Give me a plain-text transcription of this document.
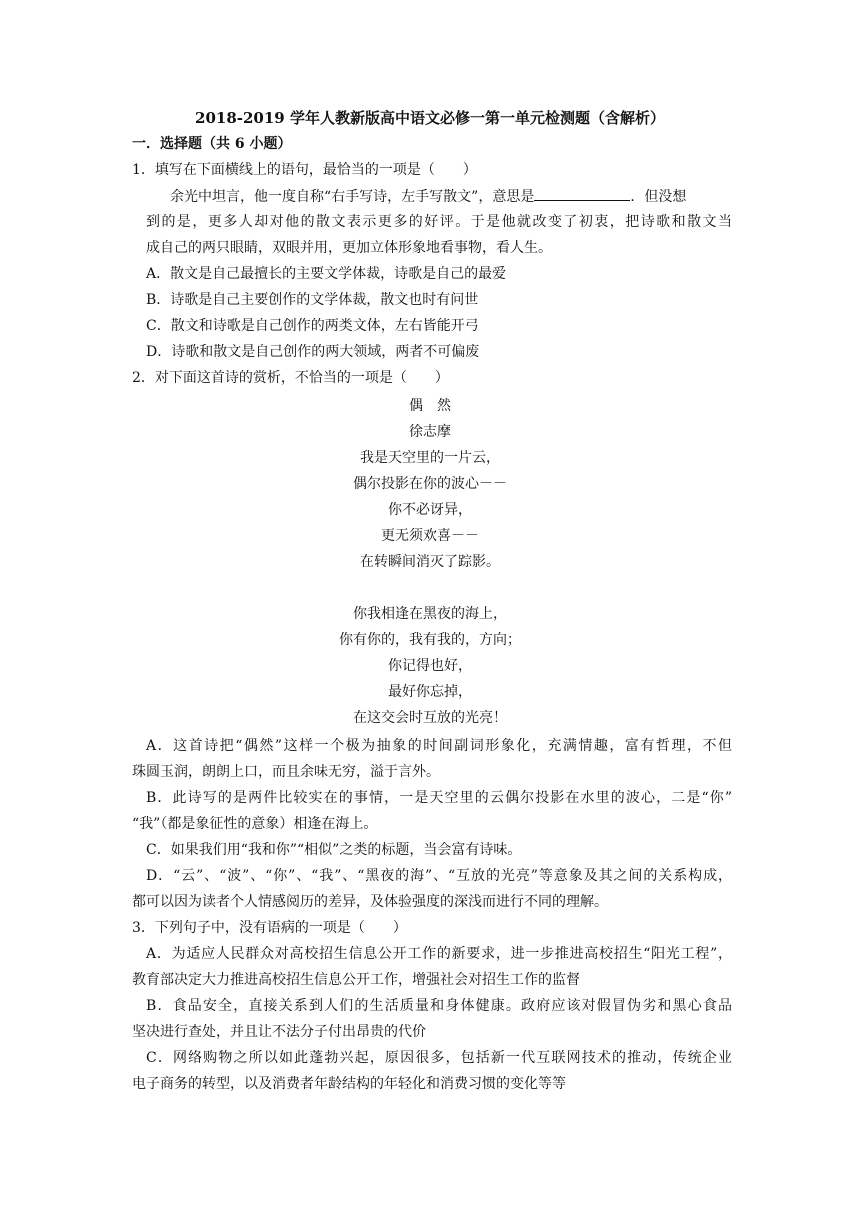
2018-2019 学年人教新版高中语文必修一第一单元检测题（含解析）
一．选择题（共 6 小题）
1．填写在下面横线上的语句，最恰当的一项是（　　）
余光中坦言，他一度自称“右手写诗，左手写散文”，意思是	．但没想
到的是，更多人却对他的散文表示更多的好评。于是他就改变了初衷，把诗歌和散文当
成自己的两只眼睛，双眼并用，更加立体形象地看事物，看人生。
A．散文是自己最擅长的主要文学体裁，诗歌是自己的最爱
B．诗歌是自己主要创作的文学体裁，散文也时有问世
C．散文和诗歌是自己创作的两类文体，左右皆能开弓
D．诗歌和散文是自己创作的两大领域，两者不可偏废
2．对下面这首诗的赏析，不恰当的一项是（　　）
偶　然
徐志摩
我是天空里的一片云，
偶尔投影在你的波心－－
你不必讶异，
更无须欢喜－－
在转瞬间消灭了踪影。
你我相逢在黑夜的海上，
你有你的，我有我的，方向；
你记得也好，
最好你忘掉，
在这交会时互放的光亮！
A．这首诗把“偶然”这样一个极为抽象的时间副词形象化，充满情趣，富有哲理，不但
珠圆玉润，朗朗上口，而且余味无穷，溢于言外。
B．此诗写的是两件比较实在的事情，一是天空里的云偶尔投影在水里的波心，二是“你”
“我”（都是象征性的意象）相逢在海上。
C．如果我们用“我和你”“相似”之类的标题，当会富有诗味。
D．“云”、“波”、“你”、“我”、“黑夜的海”、“互放的光亮”等意象及其之间的关系构成，
都可以因为读者个人情感阅历的差异，及体验强度的深浅而进行不同的理解。
3．下列句子中，没有语病的一项是（　　）
A．为适应人民群众对高校招生信息公开工作的新要求，进一步推进高校招生“阳光工程”，
教育部决定大力推进高校招生信息公开工作，增强社会对招生工作的监督
B．食品安全，直接关系到人们的生活质量和身体健康。政府应该对假冒伪劣和黑心食品
坚决进行查处，并且让不法分子付出昂贵的代价
C．网络购物之所以如此蓬勃兴起，原因很多，包括新一代互联网技术的推动，传统企业
电子商务的转型，以及消费者年龄结构的年轻化和消费习惯的变化等等
